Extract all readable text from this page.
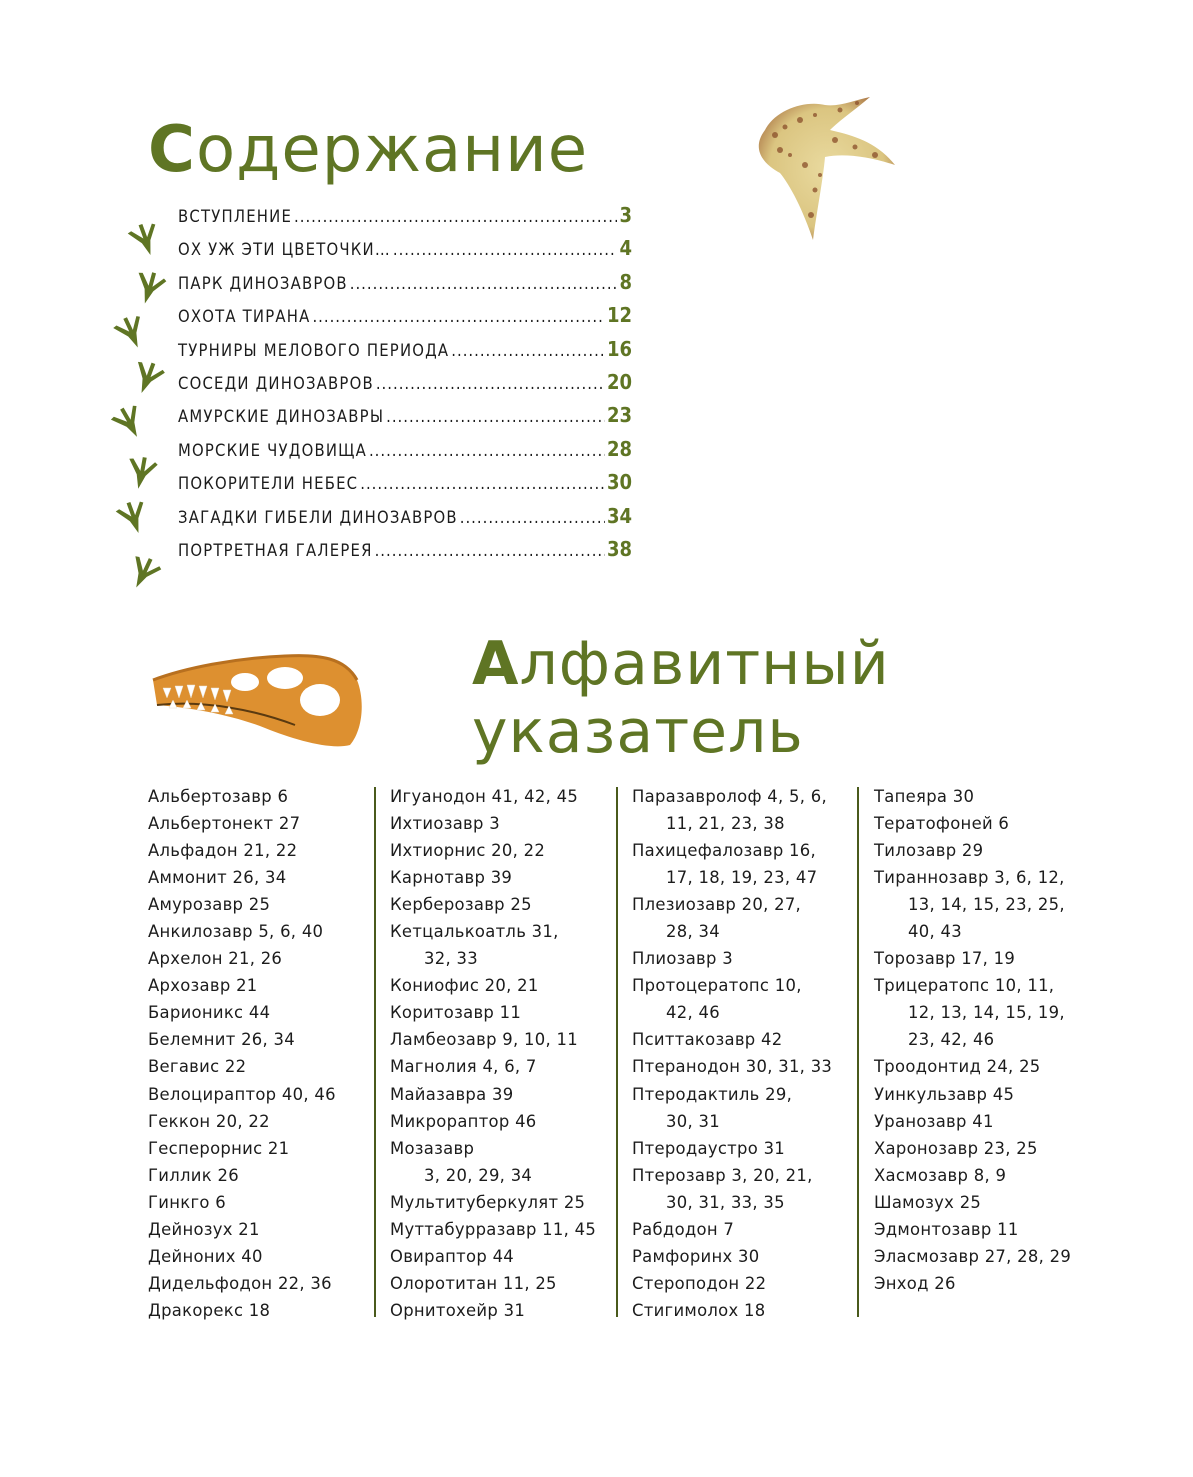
Содержание
ВСТУПЛЕНИЕ .....	3
ОХ УЖ ЭТИ ЦВЕТОЧКИ… .....	4
ПАРК ДИНОЗАВРОВ .....	8
ОХОТА ТИРАНА .....	12
ТУРНИРЫ МЕЛОВОГО ПЕРИОДА .....	16
СОСЕДИ ДИНОЗАВРОВ .....	20
АМУРСКИЕ ДИНОЗАВРЫ .....	23
МОРСКИЕ ЧУДОВИЩА .....	28
ПОКОРИТЕЛИ НЕБЕС .....	30
ЗАГАДКИ ГИБЕЛИ ДИНОЗАВРОВ .....	34
ПОРТРЕТНАЯ ГАЛЕРЕЯ .....	38
Алфавитный
указатель
Альбертозавр 6
Альбертонект 27
Альфадон 21, 22
Аммонит 26, 34
Амурозавр 25
Анкилозавр 5, 6, 40
Архелон 21, 26
Архозавр 21
Барионикс 44
Белемнит 26, 34
Вегавис 22
Велоцираптор 40, 46
Геккон 20, 22
Гесперорнис 21
Гиллик 26
Гинкго 6
Дейнозух 21
Дейноних 40
Дидельфодон 22, 36
Дракорекс 18
Игуанодон 41, 42, 45
Ихтиозавр 3
Ихтиорнис 20, 22
Карнотавр 39
Керберозавр 25
Кетцалькоатль 31,
32, 33
Кониофис 20, 21
Коритозавр 11
Ламбеозавр 9, 10, 11
Магнолия 4, 6, 7
Майазавра 39
Микрораптор 46
Мозазавр
3, 20, 29, 34
Мультитуберкулят 25
Муттабурразавр 11, 45
Овираптор 44
Олоротитан 11, 25
Орнитохейр 31
Паразавролоф 4, 5, 6,
11, 21, 23, 38
Пахицефалозавр 16,
17, 18, 19, 23, 47
Плезиозавр 20, 27,
28, 34
Плиозавр 3
Протоцератопс 10,
42, 46
Пситтакозавр 42
Птеранодон 30, 31, 33
Птеродактиль 29,
30, 31
Птеродаустро 31
Птерозавр 3, 20, 21,
30, 31, 33, 35
Рабдодон 7
Рамфоринх 30
Стероподон 22
Стигимолох 18
Тапеяра 30
Тератофоней 6
Тилозавр 29
Тираннозавр 3, 6, 12,
13, 14, 15, 23, 25,
40, 43
Торозавр 17, 19
Трицератопс 10, 11,
12, 13, 14, 15, 19,
23, 42, 46
Троодонтид 24, 25
Уинкульзавр 45
Уранозавр 41
Харонозавр 23, 25
Хасмозавр 8, 9
Шамозух 25
Эдмонтозавр 11
Эласмозавр 27, 28, 29
Энход 26
